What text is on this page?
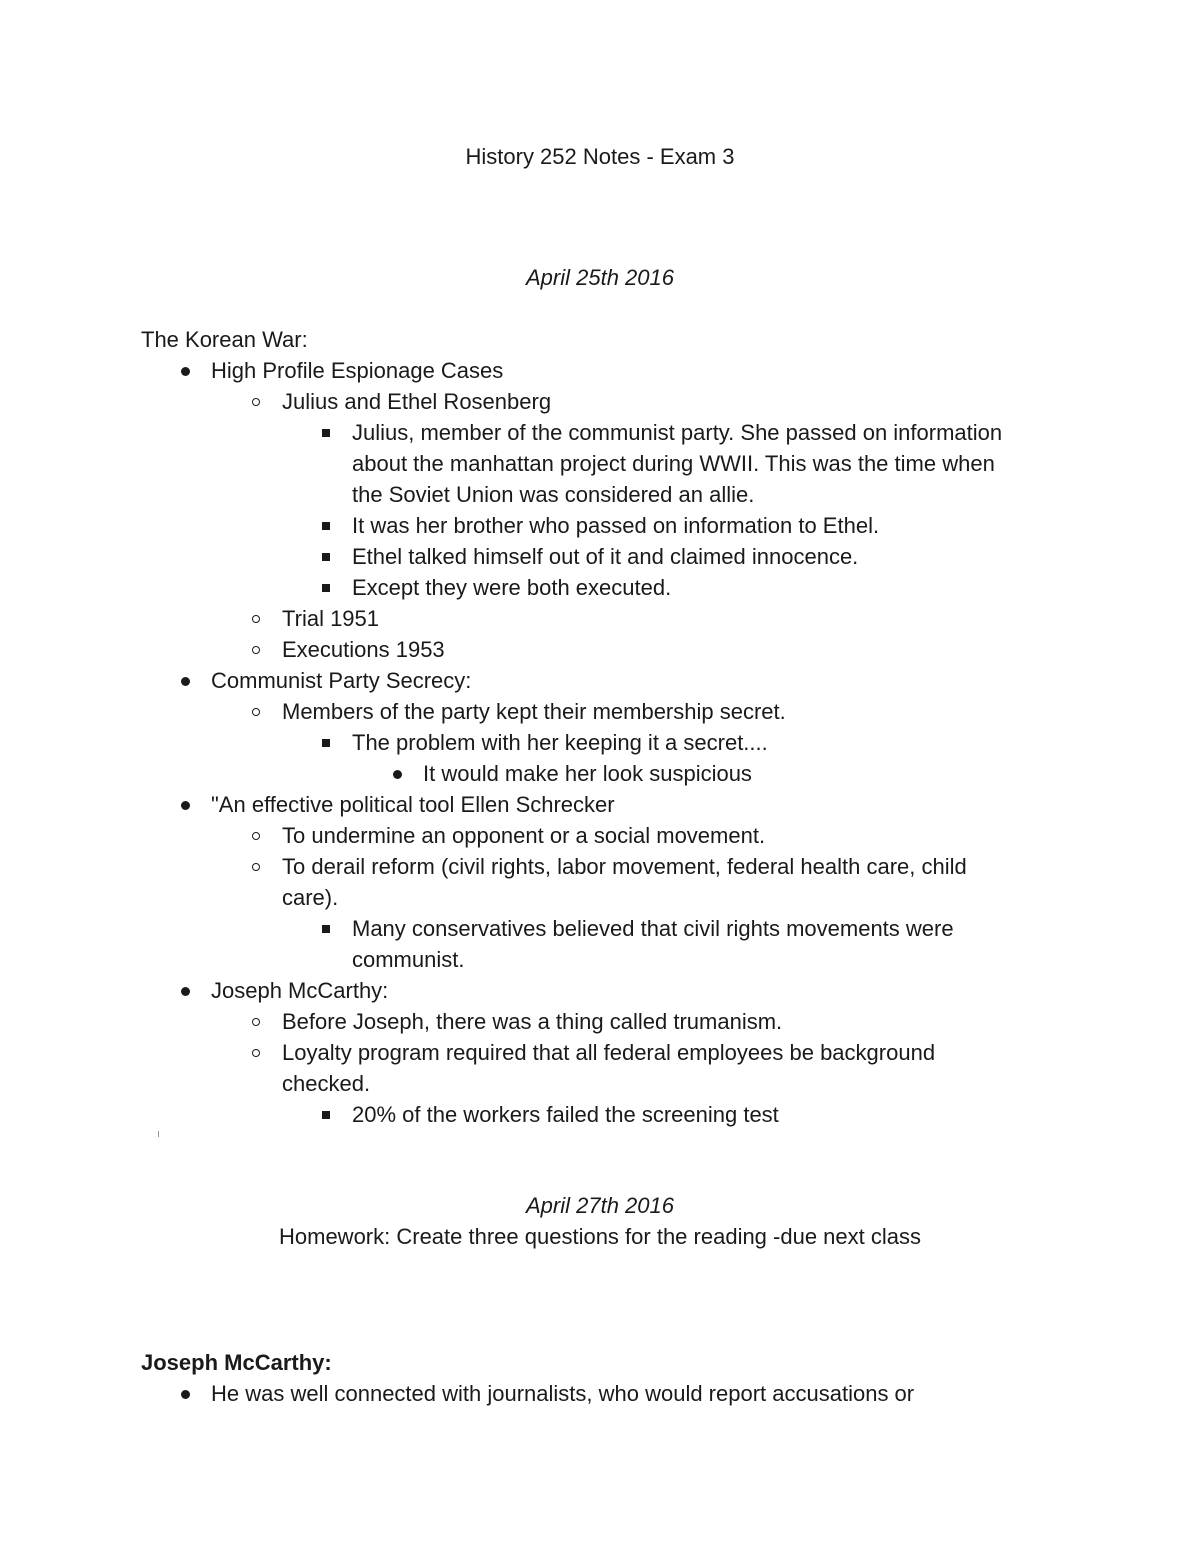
History 252 Notes - Exam 3
April 25th 2016
The Korean War:
High Profile Espionage Cases
Julius and Ethel Rosenberg
Julius, member of the communist party. She passed on information
about the manhattan project during WWII. This was the time when
the Soviet Union was considered an allie.
It was her brother who passed on information to Ethel.
Ethel talked himself out of it and claimed innocence.
Except they were both executed.
Trial 1951
Executions 1953
Communist Party Secrecy:
Members of the party kept their membership secret.
The problem with her keeping it a secret....
It would make her look suspicious
"An effective political tool Ellen Schrecker
To undermine an opponent or a social movement.
To derail reform (civil rights, labor movement, federal health care, child
care).
Many conservatives believed that civil rights movements were
communist.
Joseph McCarthy:
Before Joseph, there was a thing called trumanism.
Loyalty program required that all federal employees be background
checked.
20% of the workers failed the screening test
April 27th 2016
Homework: Create three questions for the reading -due next class
Joseph McCarthy:
He was well connected with journalists, who would report accusations or
